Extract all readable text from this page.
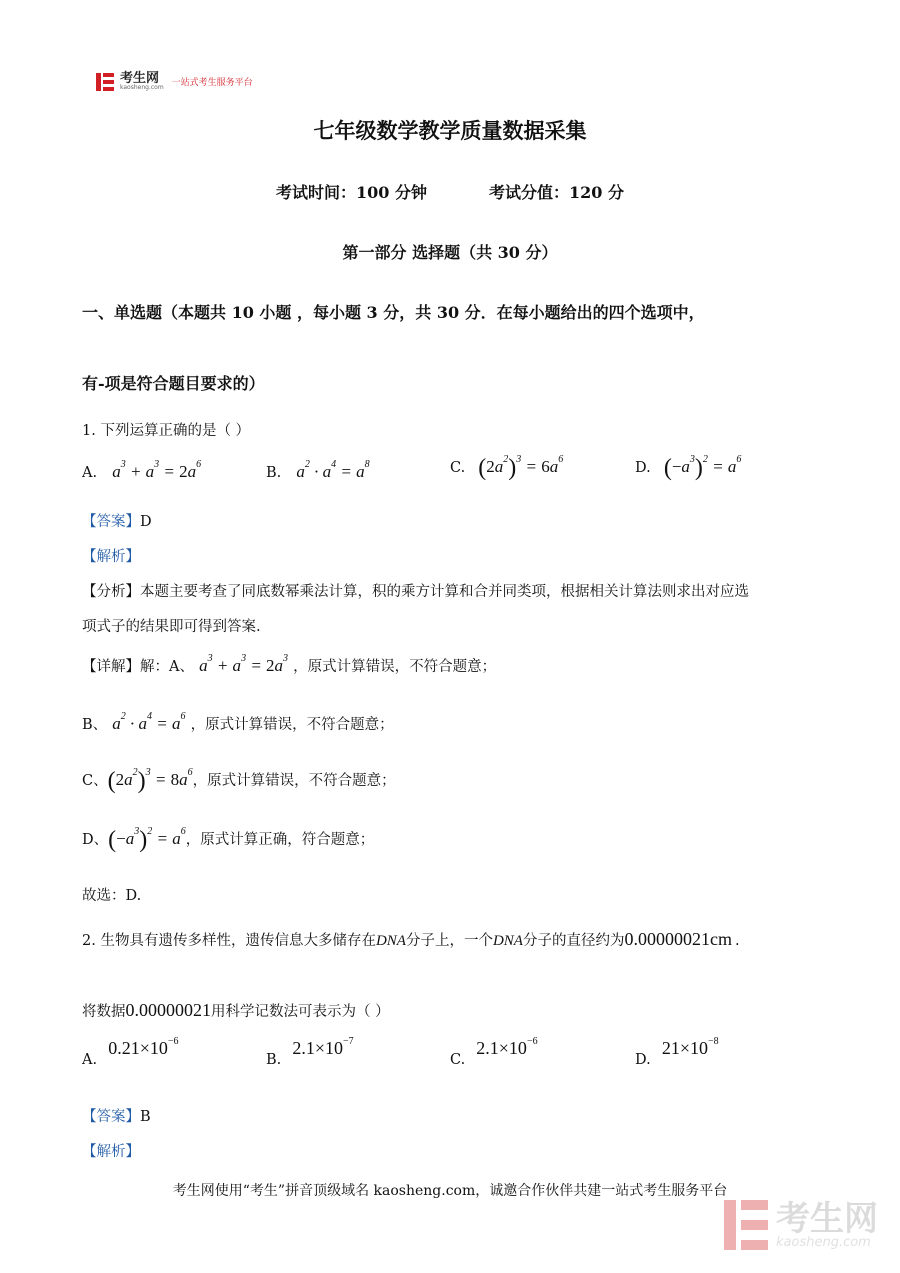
考生网
kaosheng.com 一站式考生服务平台
七年级数学教学质量数据采集
考试时间：100 分钟	考试分值：120 分
第一部分 选择题（共 30 分）
一、单选题（本题共 10 小题 ，每小题 3 分，共 30 分．在每小题给出的四个选项中，
有-项是符合题目要求的）
1. 下列运算正确的是（ ）
A. $a^3 + a^3 = 2a^6$
B. $a^2 \cdot a^4 = a^8$	C. $(2a^2)^3 = 6a^6$
D. $(-a^3)^2 = a^6$
【答案】D
【解析】
【分析】本题主要考查了同底数幂乘法计算，积的乘方计算和合并同类项，根据相关计算法则求出对应选
项式子的结果即可得到答案.
【详解】解：A、 $a^3 + a^3 = 2a^3$ ，原式计算错误，不符合题意；
B、 $a^2 \cdot a^4 = a^6$ ，原式计算错误，不符合题意；
C、$(2a^2)^3 = 8a^6$，原式计算错误，不符合题意；
D、$(-a^3)^2 = a^6$，原式计算正确，符合题意；
故选：D.
2. 生物具有遗传多样性，遗传信息大多储存在DNA分子上，一个DNA分子的直径约为0.00000021cm .
将数据0.00000021用科学记数法可表示为（ ）
A. $0.21\times 10^{-6}$
B. $2.1\times 10^{-7}$
C. $2.1\times 10^{-6}$
D. $21\times 10^{-8}$
【答案】B
【解析】
考生网使用“考生”拼音顶级域名 kaosheng.com，诚邀合作伙伴共建一站式考生服务平台
考生网
kaosheng.com
